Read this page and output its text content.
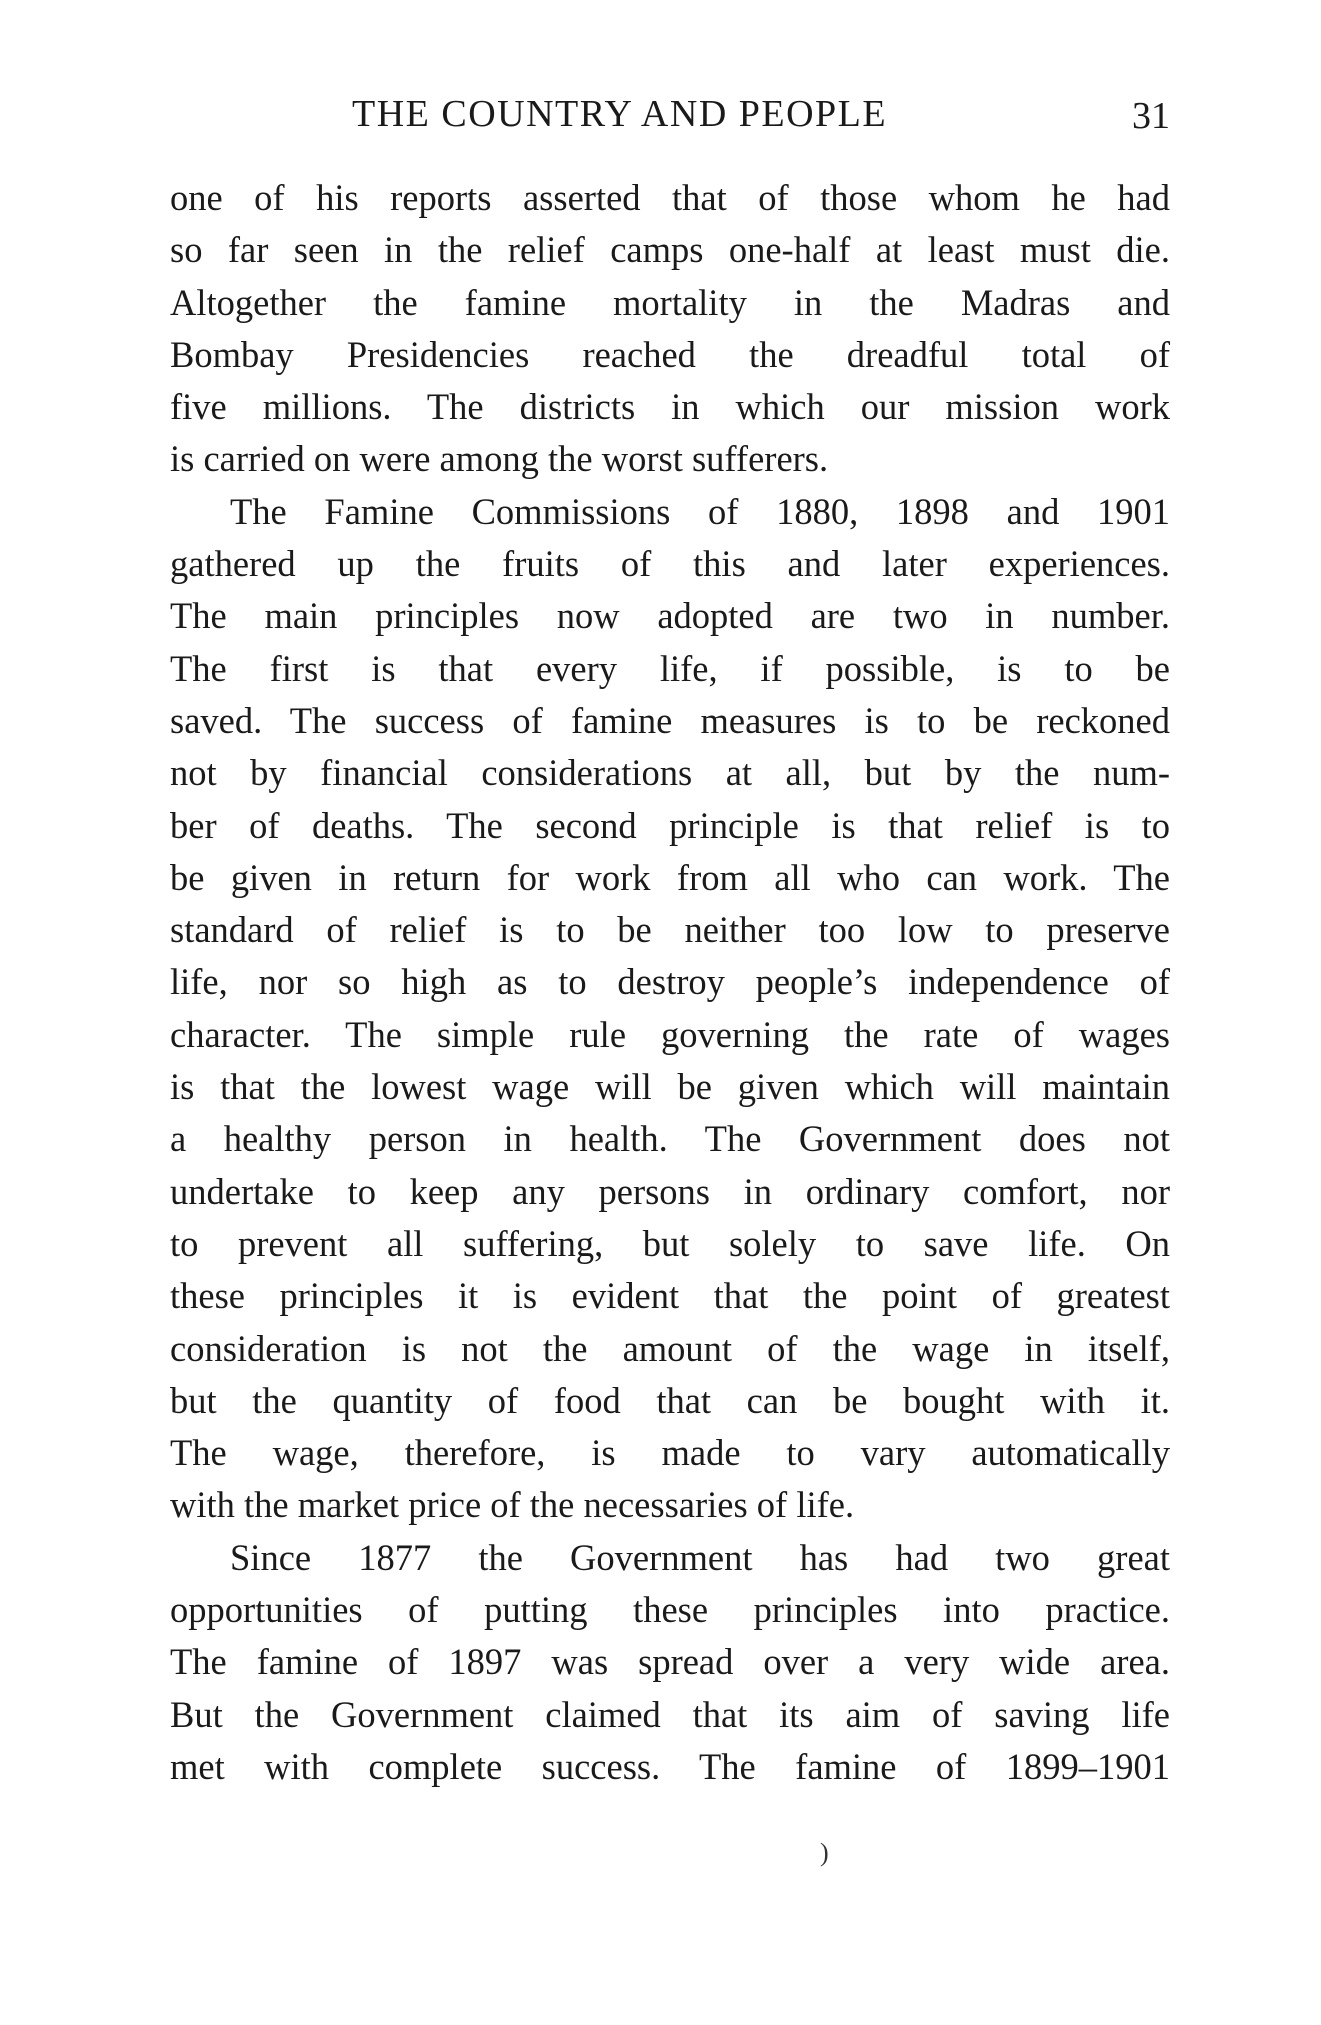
THE COUNTRY AND PEOPLE	31
one of his reports asserted that of those whom he had
so far seen in the relief camps one-half at least must die.
Altogether the famine mortality in the Madras and
Bombay Presidencies reached the dreadful total of
five millions. The districts in which our mission work
is carried on were among the worst sufferers.
The Famine Commissions of 1880, 1898 and 1901
gathered up the fruits of this and later experiences.
The main principles now adopted are two in number.
The first is that every life, if possible, is to be
saved. The success of famine measures is to be reckoned
not by financial considerations at all, but by the num-
ber of deaths. The second principle is that relief is to
be given in return for work from all who can work. The
standard of relief is to be neither too low to preserve
life, nor so high as to destroy people’s independence of
character. The simple rule governing the rate of wages
is that the lowest wage will be given which will maintain
a healthy person in health. The Government does not
undertake to keep any persons in ordinary comfort, nor
to prevent all suffering, but solely to save life. On
these principles it is evident that the point of greatest
consideration is not the amount of the wage in itself,
but the quantity of food that can be bought with it.
The wage, therefore, is made to vary automatically
with the market price of the necessaries of life.
Since 1877 the Government has had two great
opportunities of putting these principles into practice.
The famine of 1897 was spread over a very wide area.
But the Government claimed that its aim of saving life
met with complete success. The famine of 1899–1901
)
